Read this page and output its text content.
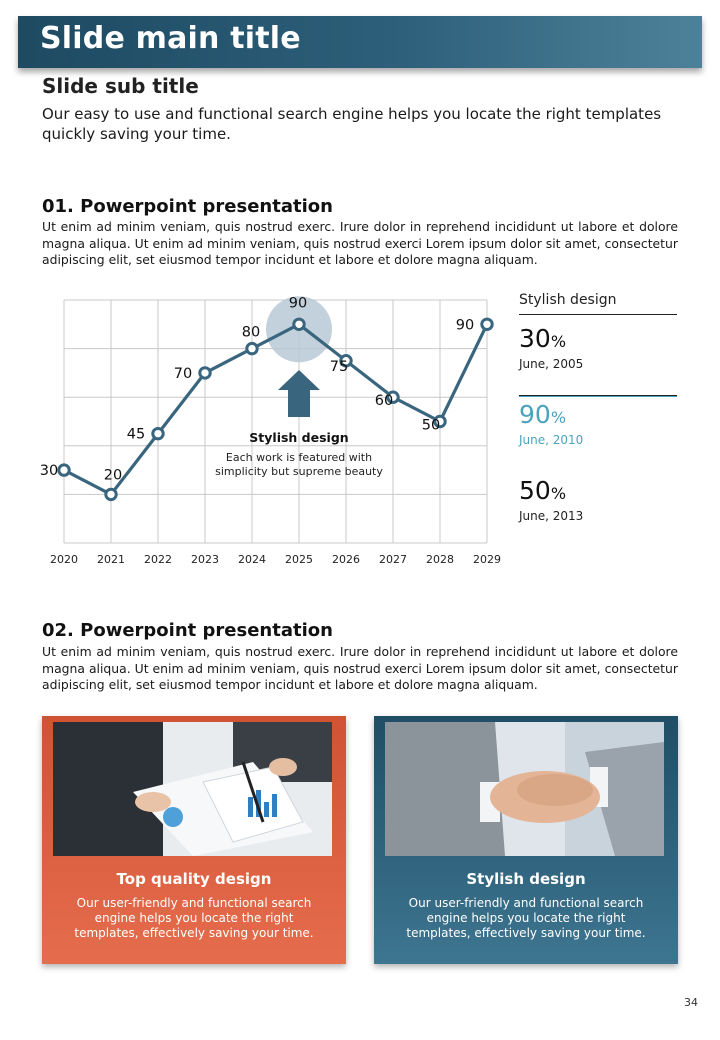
Slide main title
Slide sub title
Our easy to use and functional search engine helps you locate the right templates quickly saving your time.
01. Powerpoint presentation
Ut enim ad minim veniam, quis nostrud exerc. Irure dolor in reprehend incididunt ut labore et dolore magna aliqua. Ut enim ad minim veniam, quis nostrud exerci Lorem ipsum dolor sit amet, consectetur adipiscing elit, set eiusmod tempor incidunt et labore et dolore magna aliquam.
30	20
45
70
80
90
75
60
50
90
2020 2021 2022 2023 2024 2025 2026 2027 2028 2029
Stylish design
Each work is featured with
simplicity but supreme beauty
Stylish design
30%
June, 2005
90%
June, 2010
50%
June, 2013
02. Powerpoint presentation
Ut enim ad minim veniam, quis nostrud exerc. Irure dolor in reprehend incididunt ut labore et dolore magna aliqua. Ut enim ad minim veniam, quis nostrud exerci Lorem ipsum dolor sit amet, consectetur adipiscing elit, set eiusmod tempor incidunt et labore et dolore magna aliquam.
Top quality design
Our user-friendly and functional search engine helps you locate the right templates, effectively saving your time.
Stylish design
Our user-friendly and functional search engine helps you locate the right templates, effectively saving your time.
34
